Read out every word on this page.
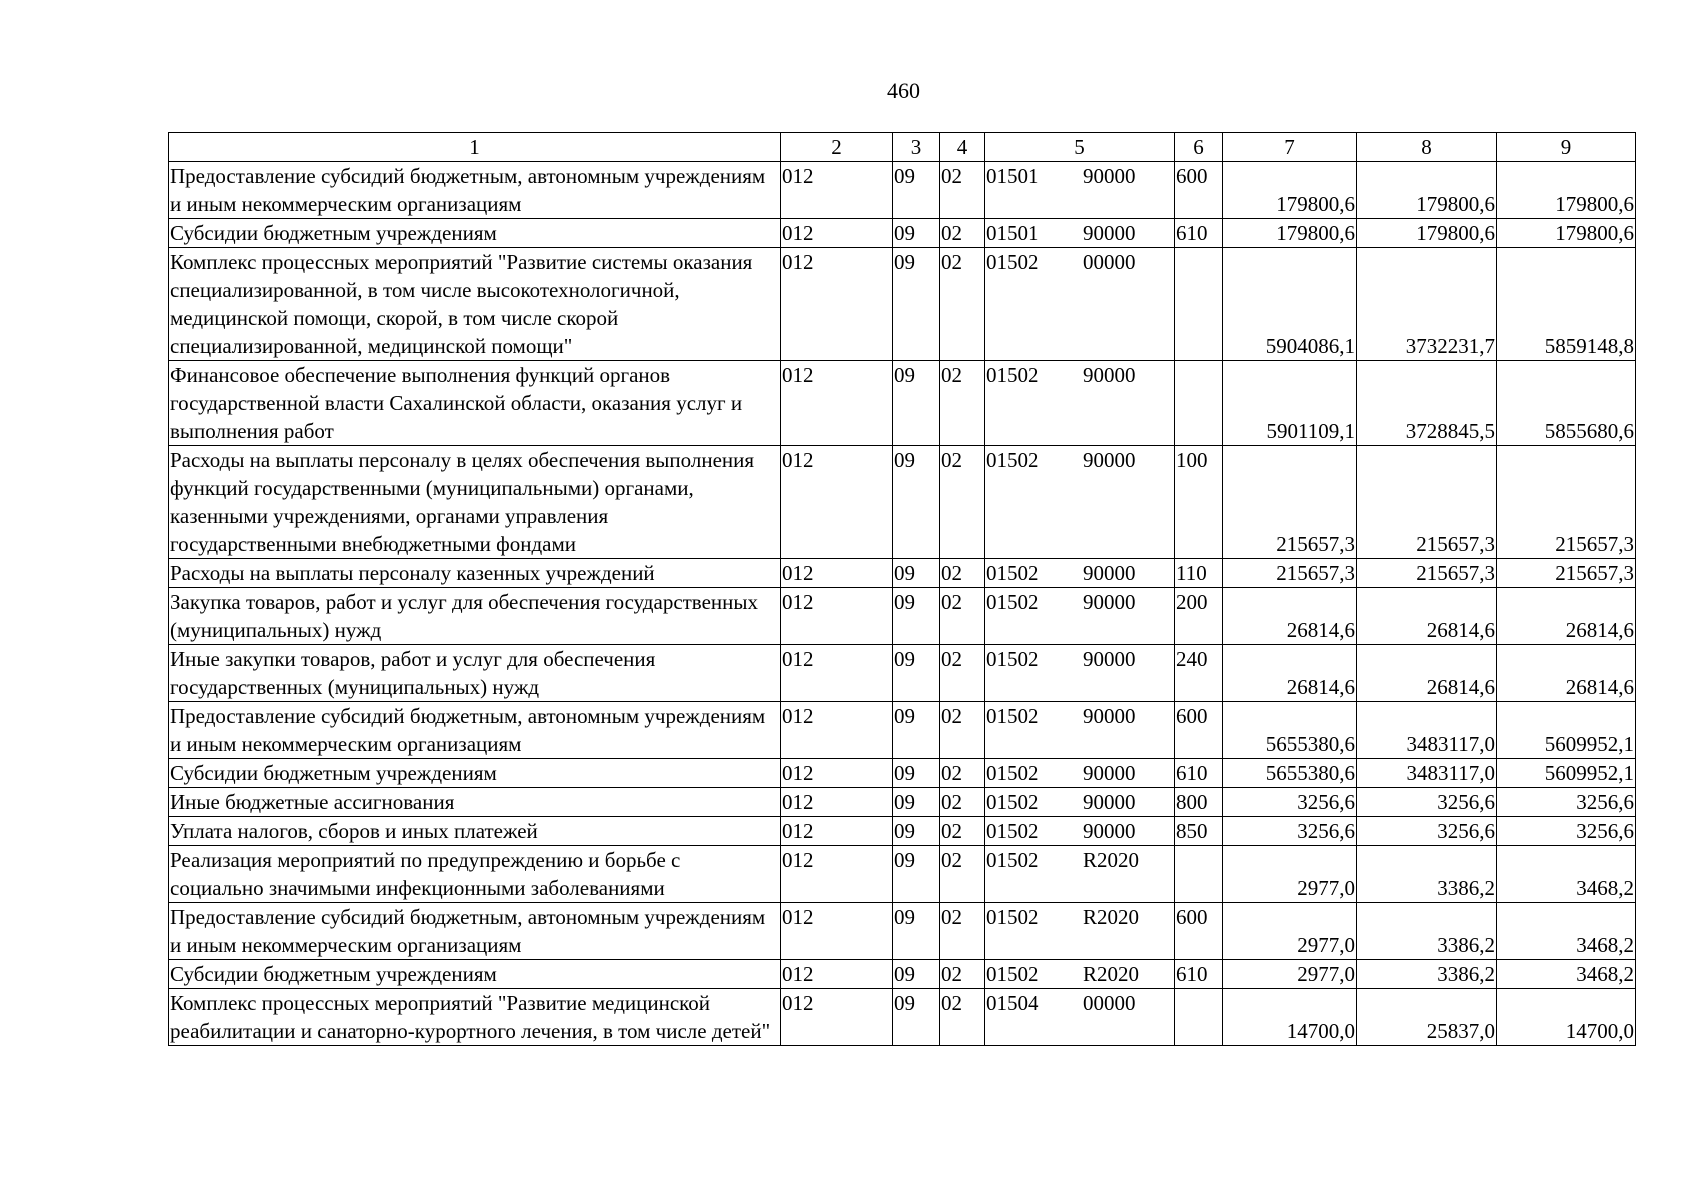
460
1	2	3	4	5	6	7	8	9
Предоставление субсидий бюджетным, автономным учреждениям и иным некоммерческим организациям	012	09	02	01501 90000	600	179800,6	179800,6	179800,6
Субсидии бюджетным учреждениям	012	09	02	01501 90000	610	179800,6	179800,6	179800,6
Комплекс процессных мероприятий "Развитие системы оказания специализированной, в том числе высокотехнологичной, медицинской помощи, скорой, в том числе скорой специализированной, медицинской помощи"	012	09	02	01502 00000		5904086,1	3732231,7	5859148,8
Финансовое обеспечение выполнения функций органов государственной власти Сахалинской области, оказания услуг и выполнения работ	012	09	02	01502 90000		5901109,1	3728845,5	5855680,6
Расходы на выплаты персоналу в целях обеспечения выполнения функций государственными (муниципальными) органами, казенными учреждениями, органами управления государственными внебюджетными фондами	012	09	02	01502 90000	100	215657,3	215657,3	215657,3
Расходы на выплаты персоналу казенных учреждений	012	09	02	01502 90000	110	215657,3	215657,3	215657,3
Закупка товаров, работ и услуг для обеспечения государственных (муниципальных) нужд	012	09	02	01502 90000	200	26814,6	26814,6	26814,6
Иные закупки товаров, работ и услуг для обеспечения государственных (муниципальных) нужд	012	09	02	01502 90000	240	26814,6	26814,6	26814,6
Предоставление субсидий бюджетным, автономным учреждениям и иным некоммерческим организациям	012	09	02	01502 90000	600	5655380,6	3483117,0	5609952,1
Субсидии бюджетным учреждениям	012	09	02	01502 90000	610	5655380,6	3483117,0	5609952,1
Иные бюджетные ассигнования	012	09	02	01502 90000	800	3256,6	3256,6	3256,6
Уплата налогов, сборов и иных платежей	012	09	02	01502 90000	850	3256,6	3256,6	3256,6
Реализация мероприятий по предупреждению и борьбе с социально значимыми инфекционными заболеваниями	012	09	02	01502 R2020		2977,0	3386,2	3468,2
Предоставление субсидий бюджетным, автономным учреждениям и иным некоммерческим организациям	012	09	02	01502 R2020	600	2977,0	3386,2	3468,2
Субсидии бюджетным учреждениям	012	09	02	01502 R2020	610	2977,0	3386,2	3468,2
Комплекс процессных мероприятий "Развитие медицинской реабилитации и санаторно-курортного лечения, в том числе детей"	012	09	02	01504 00000		14700,0	25837,0	14700,0
